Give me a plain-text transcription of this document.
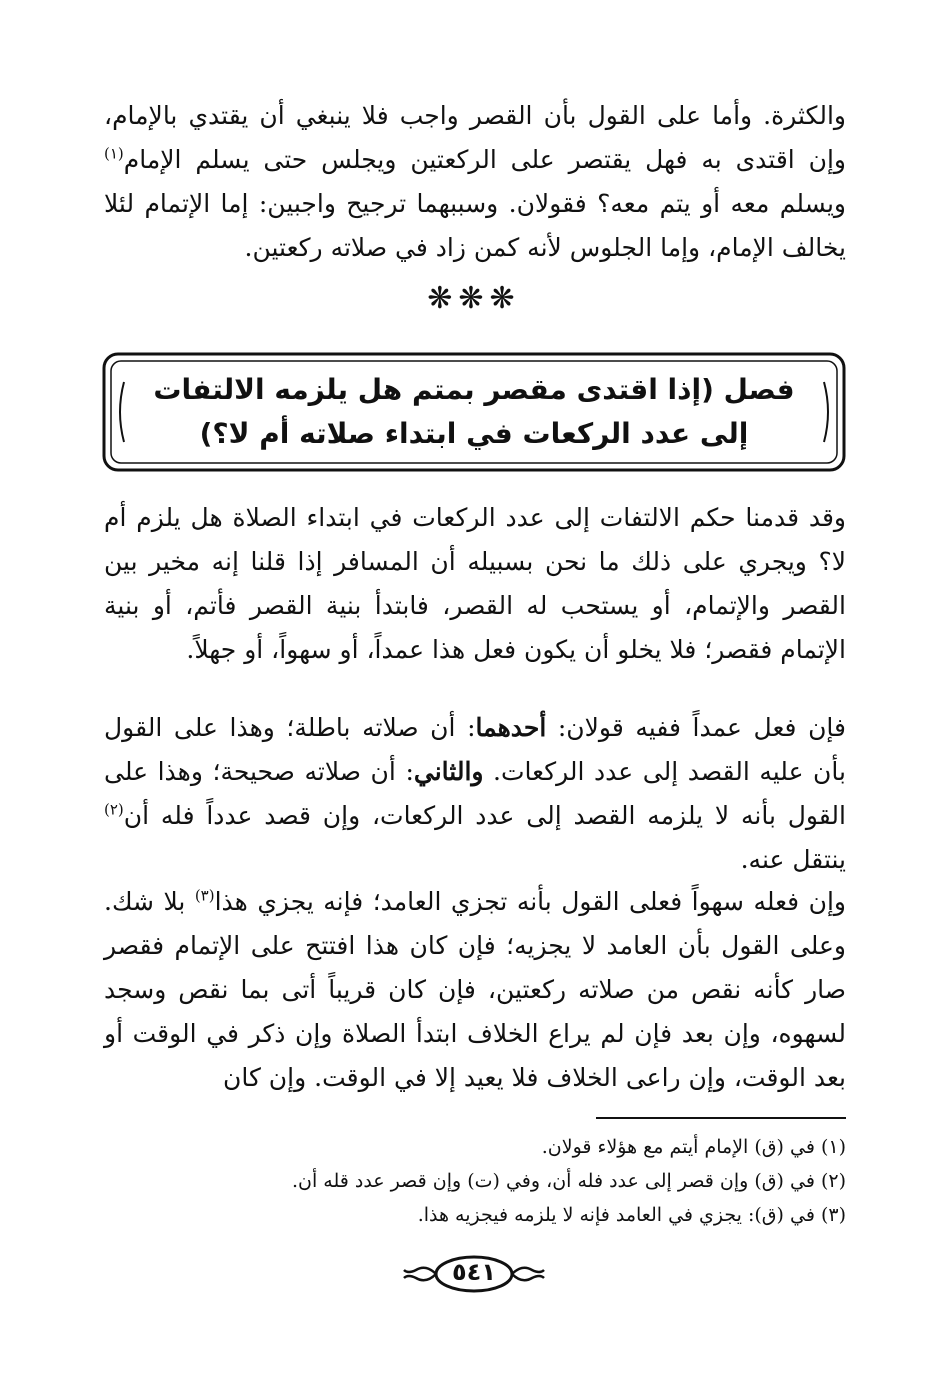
والكثرة. وأما على القول بأن القصر واجب فلا ينبغي أن يقتدي بالإمام، وإن اقتدى به فهل يقتصر على الركعتين ويجلس حتى يسلم الإمام$^{(١)}$ ويسلم معه أو يتم معه؟ فقولان. وسببهما ترجيح واجبين: إما الإتمام لئلا يخالف الإمام، وإما الجلوس لأنه كمن زاد في صلاته ركعتين.

❋❋❋
فصل (إذا اقتدى مقصر بمتم هل يلزمه الالتفات
إلى عدد الركعات في ابتداء صلاته أم لا؟)

وقد قدمنا حكم الالتفات إلى عدد الركعات في ابتداء الصلاة هل يلزم أم لا؟ ويجري على ذلك ما نحن بسبيله أن المسافر إذا قلنا إنه مخير بين القصر والإتمام، أو يستحب له القصر، فابتدأ بنية القصر فأتم، أو بنية الإتمام فقصر؛ فلا يخلو أن يكون فعل هذا عمداً، أو سهواً، أو جهلاً.

فإن فعل عمداً ففيه قولان: أحدهما: أن صلاته باطلة؛ وهذا على القول بأن عليه القصد إلى عدد الركعات. والثاني: أن صلاته صحيحة؛ وهذا على القول بأنه لا يلزمه القصد إلى عدد الركعات، وإن قصد عدداً فله أن$^{(٢)}$ ينتقل عنه.

وإن فعله سهواً فعلى القول بأنه تجزي العامد؛ فإنه يجزي هذا$^{(٣)}$ بلا شك. وعلى القول بأن العامد لا يجزيه؛ فإن كان هذا افتتح على الإتمام فقصر صار كأنه نقص من صلاته ركعتين، فإن كان قريباً أتى بما نقص وسجد لسهوه، وإن بعد فإن لم يراع الخلاف ابتدأ الصلاة وإن ذكر في الوقت أو بعد الوقت، وإن راعى الخلاف فلا يعيد إلا في الوقت. وإن كان

(١) في (ق) الإمام أيتم مع هؤلاء قولان.
(٢) في (ق) وإن قصر إلى عدد فله أن، وفي (ت) وإن قصر عدد قله أن.
(٣) في (ق): يجزي في العامد فإنه لا يلزمه فيجزيه هذا.
٥٤١
